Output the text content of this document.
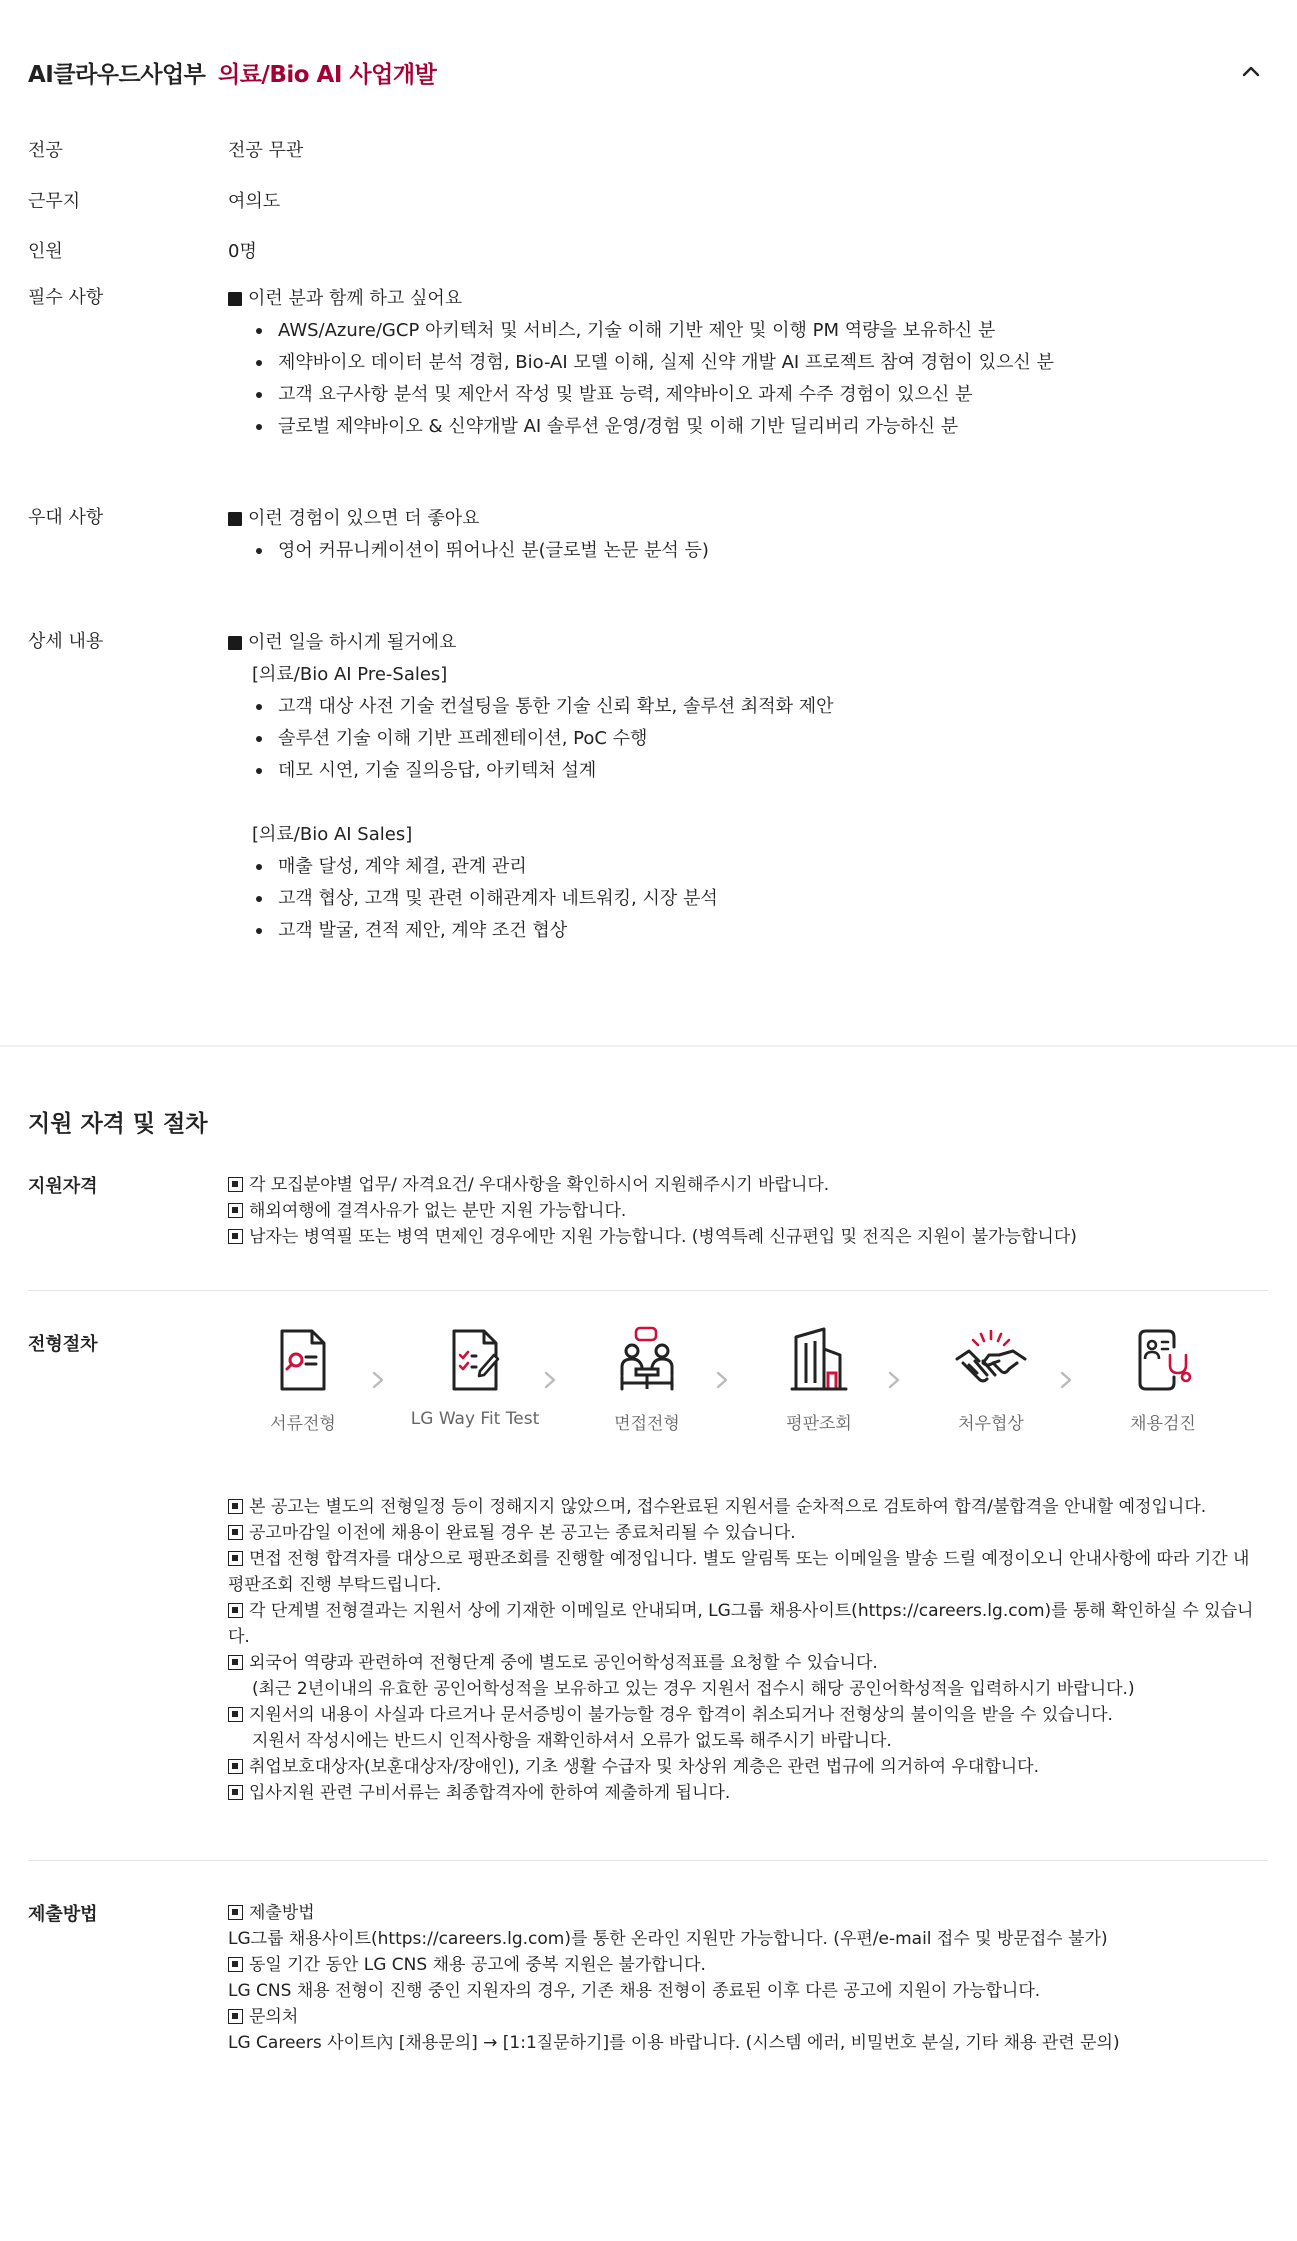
AI클라우드사업부 의료/Bio AI 사업개발
전공	전공 무관
근무지	여의도
인원	0명
필수 사항	이런 분과 함께 하고 싶어요
AWS/Azure/GCP 아키텍처 및 서비스, 기술 이해 기반 제안 및 이행 PM 역량을 보유하신 분
제약바이오 데이터 분석 경험, Bio-AI 모델 이해, 실제 신약 개발 AI 프로젝트 참여 경험이 있으신 분
고객 요구사항 분석 및 제안서 작성 및 발표 능력, 제약바이오 과제 수주 경험이 있으신 분
글로벌 제약바이오 & 신약개발 AI 솔루션 운영/경험 및 이해 기반 딜리버리 가능하신 분
우대 사항	이런 경험이 있으면 더 좋아요
영어 커뮤니케이션이 뛰어나신 분(글로벌 논문 분석 등)
상세 내용	이런 일을 하시게 될거에요
[의료/Bio AI Pre-Sales]
고객 대상 사전 기술 컨설팅을 통한 기술 신뢰 확보, 솔루션 최적화 제안
솔루션 기술 이해 기반 프레젠테이션, PoC 수행
데모 시연, 기술 질의응답, 아키텍처 설계
[의료/Bio AI Sales]
매출 달성, 계약 체결, 관계 관리
고객 협상, 고객 및 관련 이해관계자 네트워킹, 시장 분석
고객 발굴, 견적 제안, 계약 조건 협상
지원 자격 및 절차
지원자격	각 모집분야별 업무/ 자격요건/ 우대사항을 확인하시어 지원해주시기 바랍니다.

해외여행에 결격사유가 없는 분만 지원 가능합니다.

남자는 병역필 또는 병역 면제인 경우에만 지원 가능합니다. (병역특례 신규편입 및 전직은 지원이 불가능합니다)

전형절차
서류전형	LG Way Fit Test	면접전형	평판조회	처우협상	채용검진

본 공고는 별도의 전형일정 등이 정해지지 않았으며, 접수완료된 지원서를 순차적으로 검토하여 합격/불합격을 안내할 예정입니다.

공고마감일 이전에 채용이 완료될 경우 본 공고는 종료처리될 수 있습니다.

면접 전형 합격자를 대상으로 평판조회를 진행할 예정입니다. 별도 알림톡 또는 이메일을 발송 드릴 예정이오니 안내사항에 따라 기간 내 평판조회 진행 부탁드립니다.

각 단계별 전형결과는 지원서 상에 기재한 이메일로 안내되며, LG그룹 채용사이트(https://careers.lg.com)를 통해 확인하실 수 있습니다.

외국어 역량과 관련하여 전형단계 중에 별도로 공인어학성적표를 요청할 수 있습니다.

(최근 2년이내의 유효한 공인어학성적을 보유하고 있는 경우 지원서 접수시 해당 공인어학성적을 입력하시기 바랍니다.)

지원서의 내용이 사실과 다르거나 문서증빙이 불가능할 경우 합격이 취소되거나 전형상의 불이익을 받을 수 있습니다.

지원서 작성시에는 반드시 인적사항을 재확인하셔서 오류가 없도록 해주시기 바랍니다.

취업보호대상자(보훈대상자/장애인), 기초 생활 수급자 및 차상위 계층은 관련 법규에 의거하여 우대합니다.

입사지원 관련 구비서류는 최종합격자에 한하여 제출하게 됩니다.

제출방법	제출방법

LG그룹 채용사이트(https://careers.lg.com)를 통한 온라인 지원만 가능합니다. (우편/e-mail 접수 및 방문접수 불가)

동일 기간 동안 LG CNS 채용 공고에 중복 지원은 불가합니다.

LG CNS 채용 전형이 진행 중인 지원자의 경우, 기존 채용 전형이 종료된 이후 다른 공고에 지원이 가능합니다.

문의처

LG Careers 사이트內 [채용문의] → [1:1질문하기]를 이용 바랍니다. (시스템 에러, 비밀번호 분실, 기타 채용 관련 문의)
